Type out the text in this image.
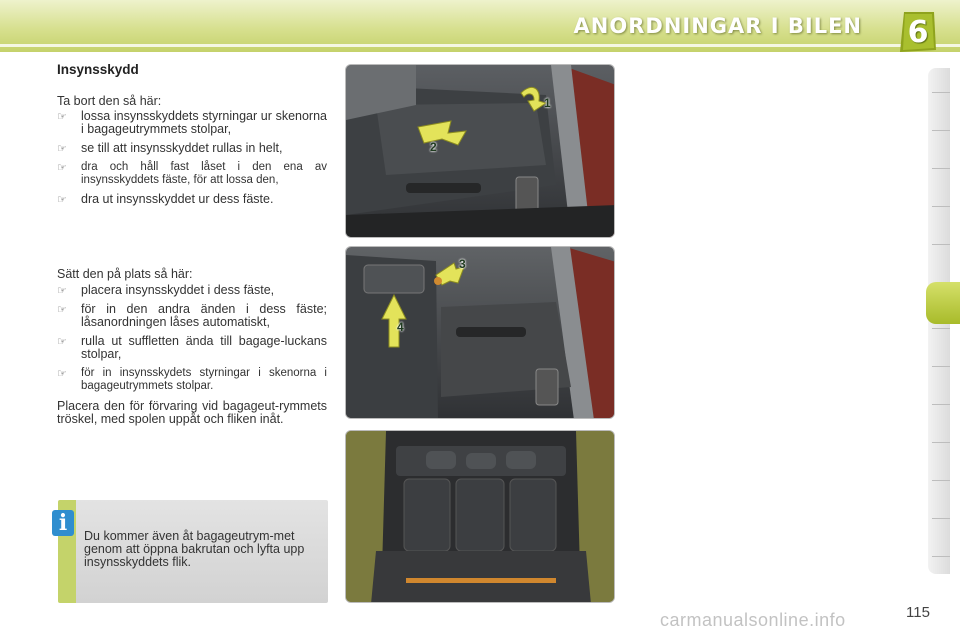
ANORDNINGAR I BILEN	6
Insynsskydd
Ta bort den så här:
☞ lossa insynsskyddets styrningar ur skenorna i bagageutrymmets stolpar,
☞ se till att insynsskyddet rullas in helt,
☞ dra och håll fast låset i den ena av insynsskyddets fäste, för att lossa den,
☞ dra ut insynsskyddet ur dess fäste.
Sätt den på plats så här:
☞ placera insynsskyddet i dess fäste,
☞ för in den andra änden i dess fäste; låsanordningen låses automatiskt,
☞ rulla ut suffletten ända till bagage-luckans stolpar,
☞ för in insynsskydets styrningar i skenorna i bagageutrymmets stolpar.
Placera den för förvaring vid bagageut-rymmets tröskel, med spolen uppåt och fliken inåt.
i	Du kommer även åt bagageutrym-met genom att öppna bakrutan och lyfta upp insynsskyddets flik.
1
2
3
4
carmanualsonline.info	115
